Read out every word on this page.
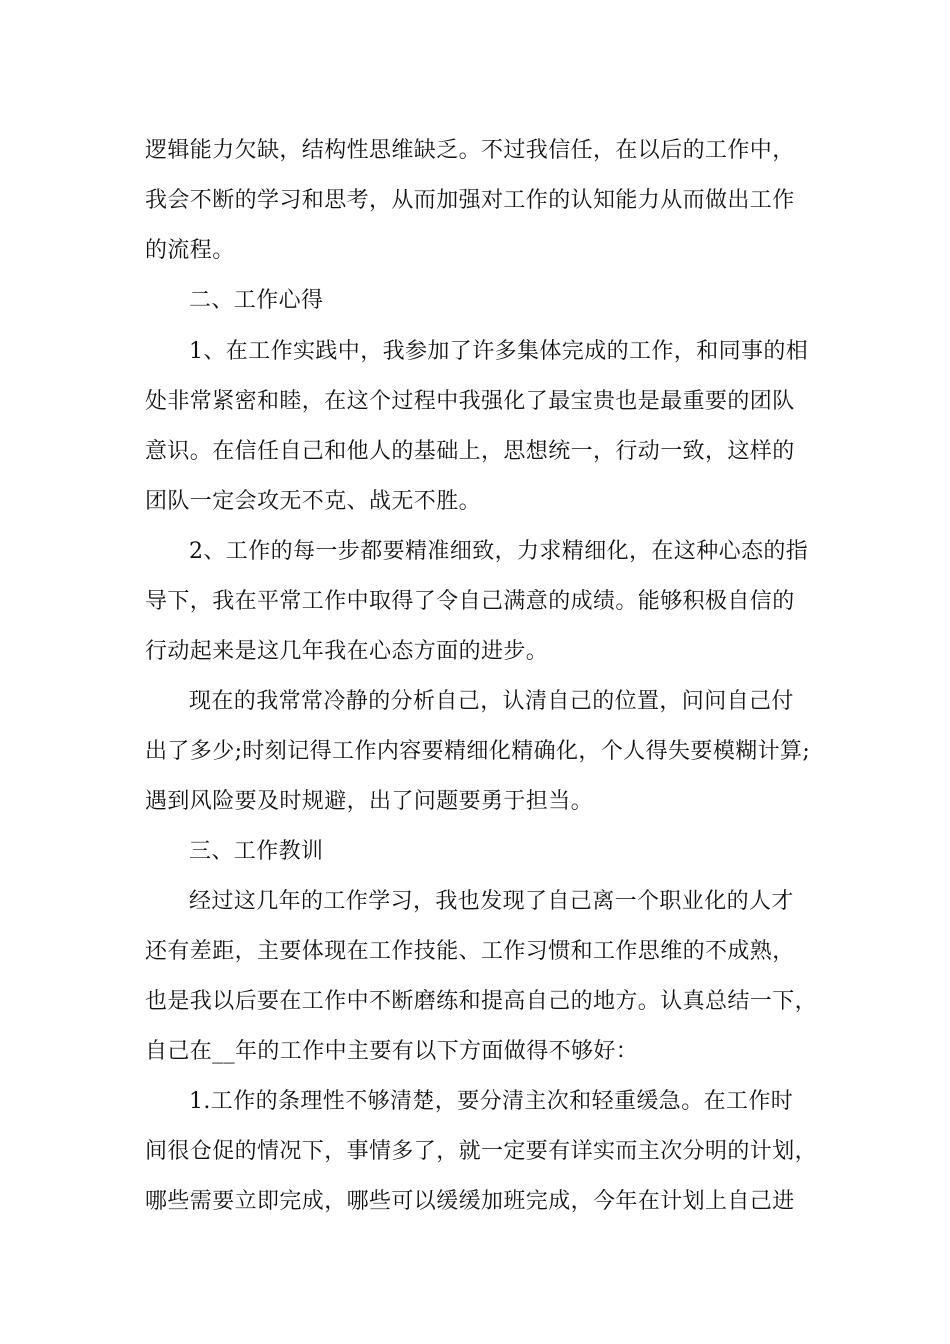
逻辑能力欠缺，结构性思维缺乏。不过我信任，在以后的工作中，
我会不断的学习和思考，从而加强对工作的认知能力从而做出工作
的流程。
二、工作心得
1、在工作实践中，我参加了许多集体完成的工作，和同事的相
处非常紧密和睦，在这个过程中我强化了最宝贵也是最重要的团队
意识。在信任自己和他人的基础上，思想统一，行动一致，这样的
团队一定会攻无不克、战无不胜。
2、工作的每一步都要精准细致，力求精细化，在这种心态的指
导下，我在平常工作中取得了令自己满意的成绩。能够积极自信的
行动起来是这几年我在心态方面的进步。
现在的我常常冷静的分析自己，认清自己的位置，问问自己付
出了多少;时刻记得工作内容要精细化精确化，个人得失要模糊计算;
遇到风险要及时规避，出了问题要勇于担当。
三、工作教训
经过这几年的工作学习，我也发现了自己离一个职业化的人才
还有差距，主要体现在工作技能、工作习惯和工作思维的不成熟，
也是我以后要在工作中不断磨练和提高自己的地方。认真总结一下，
自己在__年的工作中主要有以下方面做得不够好：
1.工作的条理性不够清楚，要分清主次和轻重缓急。在工作时
间很仓促的情况下，事情多了，就一定要有详实而主次分明的计划，
哪些需要立即完成，哪些可以缓缓加班完成，今年在计划上自己进
